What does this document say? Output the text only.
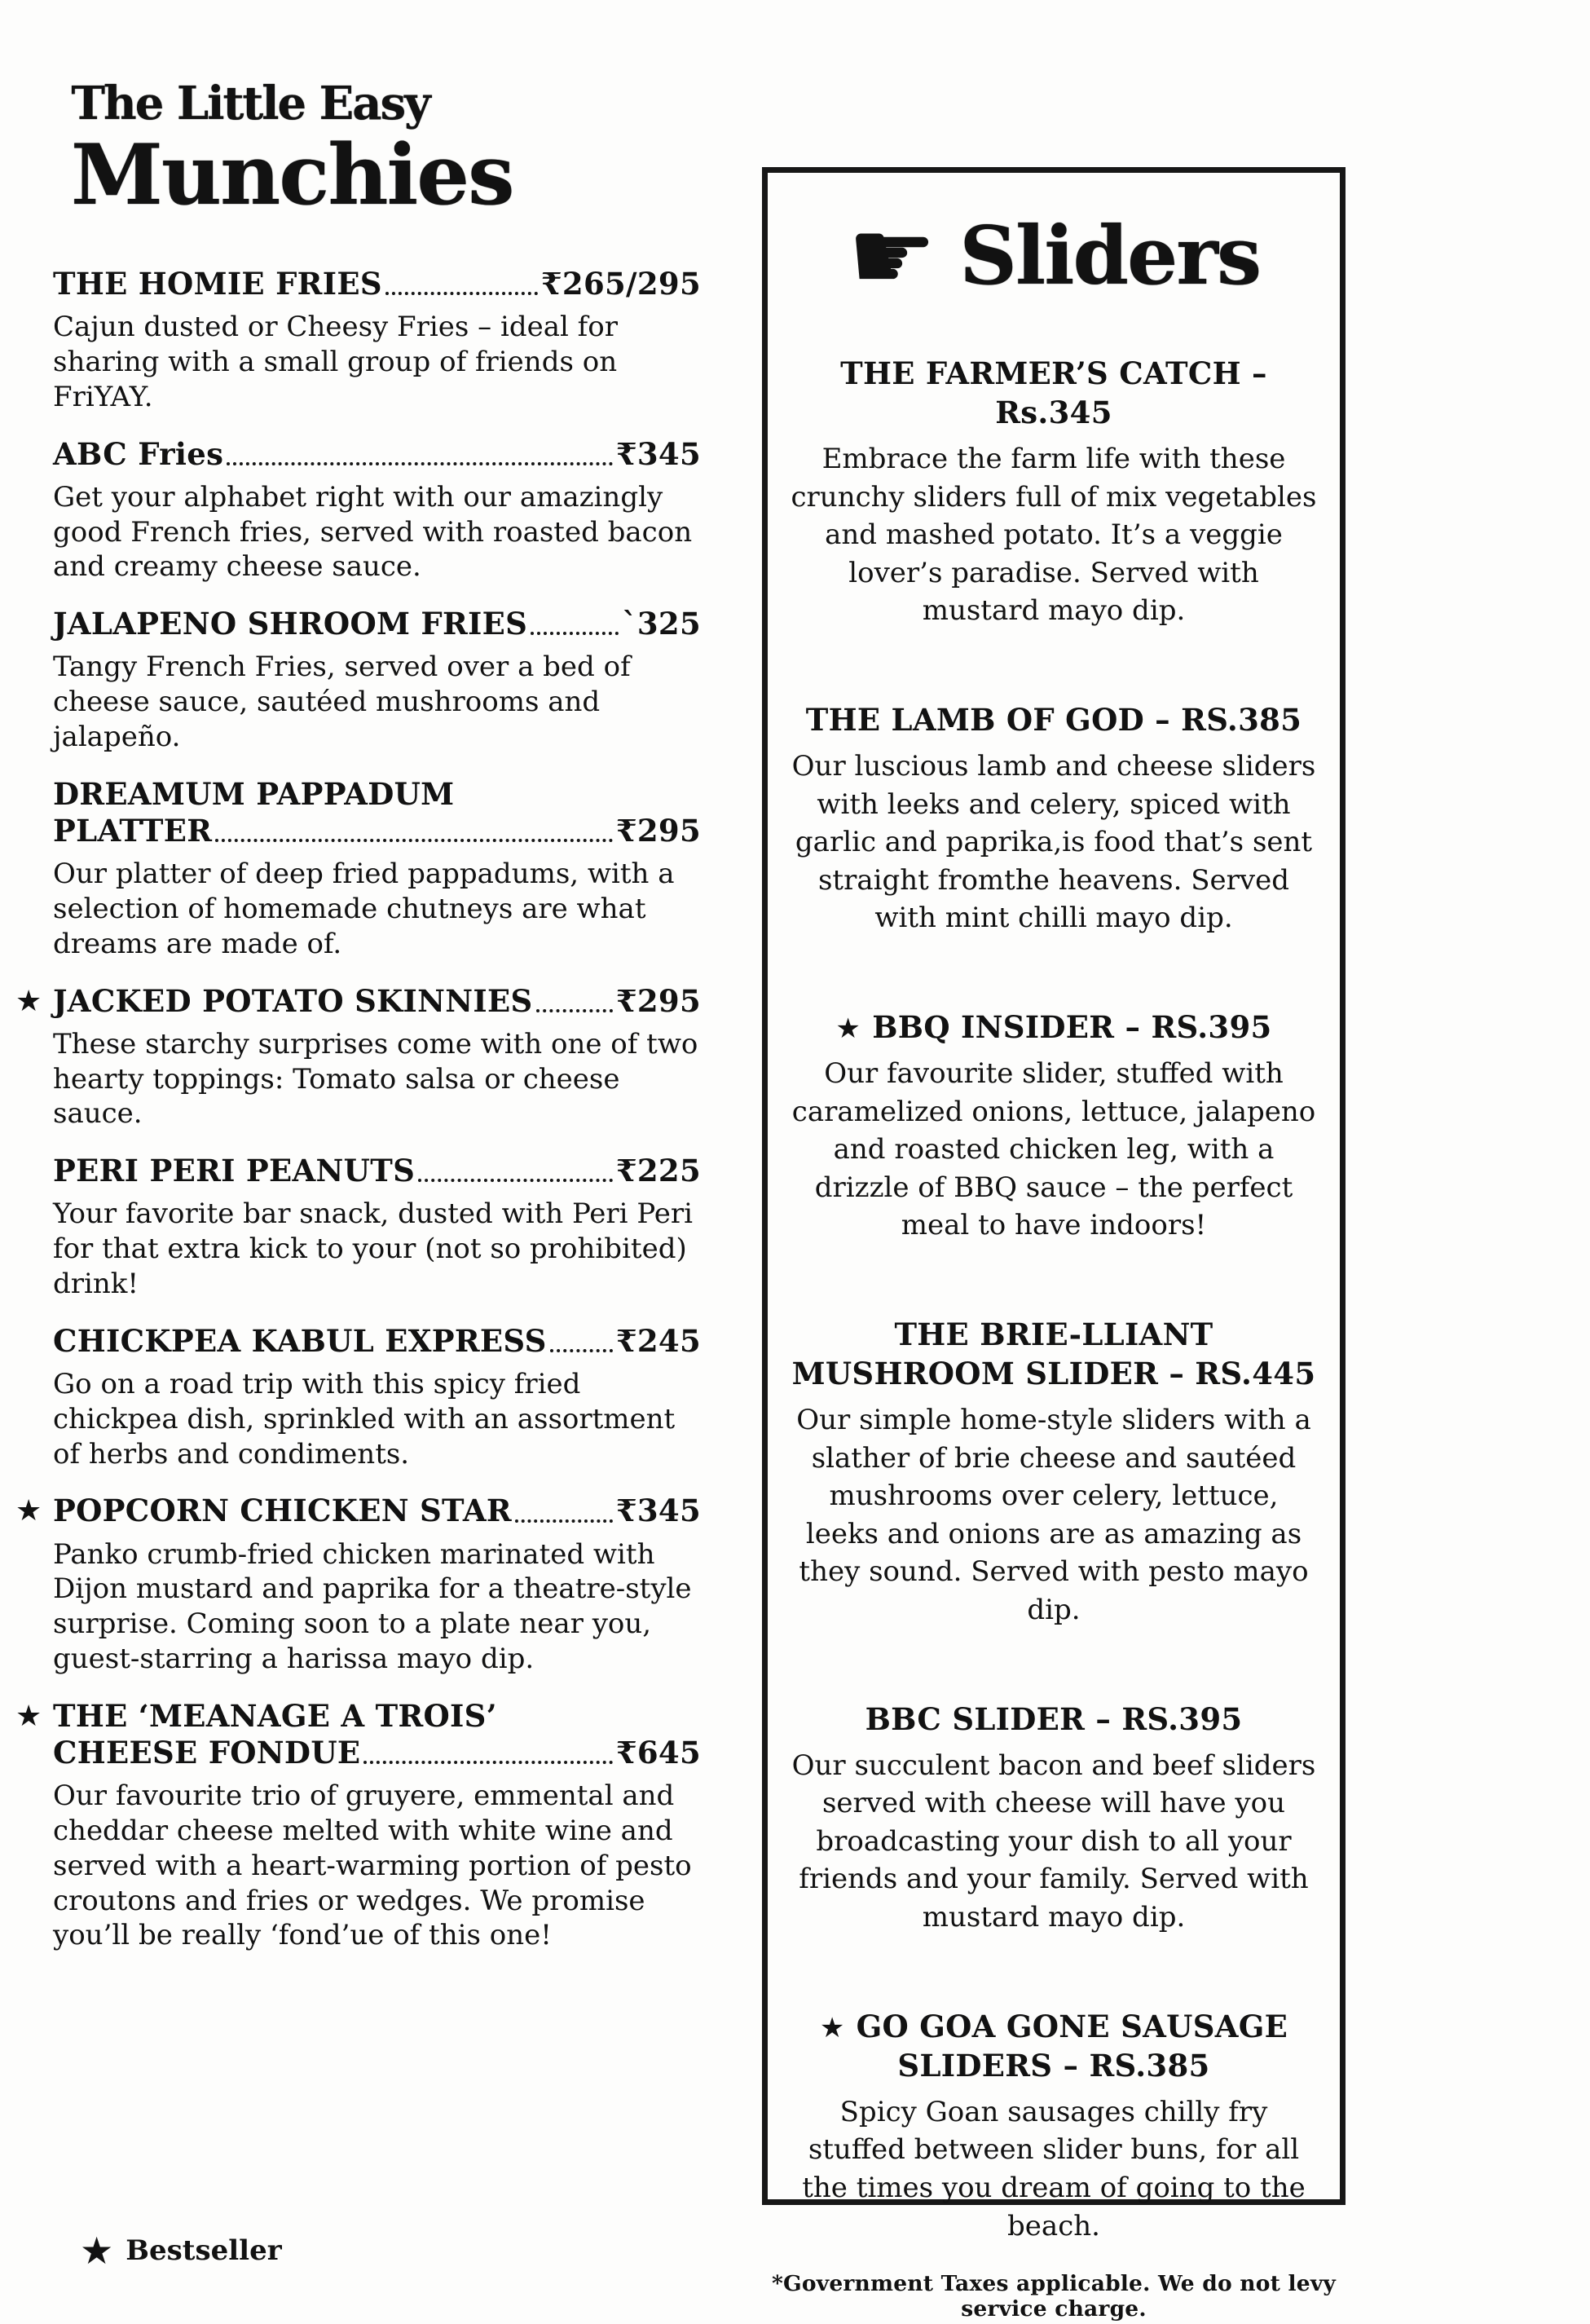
The Little Easy
Munchies
THE HOMIE FRIES	₹265/295
Cajun dusted or Cheesy Fries – ideal for sharing with a small group of friends on FriYAY.
ABC Fries	₹345
Get your alphabet right with our amazingly good French fries, served with roasted bacon and creamy cheese sauce.
JALAPENO SHROOM FRIES	`325
Tangy French Fries, served over a bed of cheese sauce, sautéed mushrooms and jalapeño.
DREAMUM PAPPADUM
PLATTER	₹295
Our platter of deep fried pappadums, with a selection of homemade chutneys are what dreams are made of.
★ JACKED POTATO SKINNIES	₹295
These starchy surprises come with one of two hearty toppings: Tomato salsa or cheese sauce.
PERI PERI PEANUTS	₹225
Your favorite bar snack, dusted with Peri Peri for that extra kick to your (not so prohibited) drink!
CHICKPEA KABUL EXPRESS ₹245
Go on a road trip with this spicy fried chickpea dish, sprinkled with an assortment of herbs and condiments.
★ POPCORN CHICKEN STAR	₹345
Panko crumb-fried chicken marinated with Dijon mustard and paprika for a theatre-style surprise. Coming soon to a plate near you, guest-starring a harissa mayo dip.
★ THE ‘MEANAGE A TROIS’
CHEESE FONDUE	₹645
Our favourite trio of gruyere, emmental and cheddar cheese melted with white wine and served with a heart-warming portion of pesto croutons and fries or wedges. We promise you’ll be really ‘fond’ue of this one!
☛ Sliders
THE FARMER’S CATCH – Rs.345
Embrace the farm life with these crunchy sliders full of mix vegetables and mashed potato. It’s a veggie lover’s paradise. Served with mustard mayo dip.
THE LAMB OF GOD – RS.385
Our luscious lamb and cheese sliders with leeks and celery, spiced with garlic and paprika,is food that’s sent straight fromthe heavens. Served with mint chilli mayo dip.
★ BBQ INSIDER – RS.395
Our favourite slider, stuffed with caramelized onions, lettuce, jalapeno and roasted chicken leg, with a drizzle of BBQ sauce – the perfect meal to have indoors!
THE BRIE-LLIANT
MUSHROOM SLIDER – RS.445
Our simple home-style sliders with a slather of brie cheese and sautéed mushrooms over celery, lettuce, leeks and onions are as amazing as they sound. Served with pesto mayo dip.
BBC SLIDER – RS.395
Our succulent bacon and beef sliders served with cheese will have you broadcasting your dish to all your friends and your family. Served with mustard mayo dip.
★ GO GOA GONE SAUSAGE
SLIDERS – RS.385
Spicy Goan sausages chilly fry stuffed between slider buns, for all the times you dream of going to the beach.
★ Bestseller
*Government Taxes applicable. We do not levy service charge.
